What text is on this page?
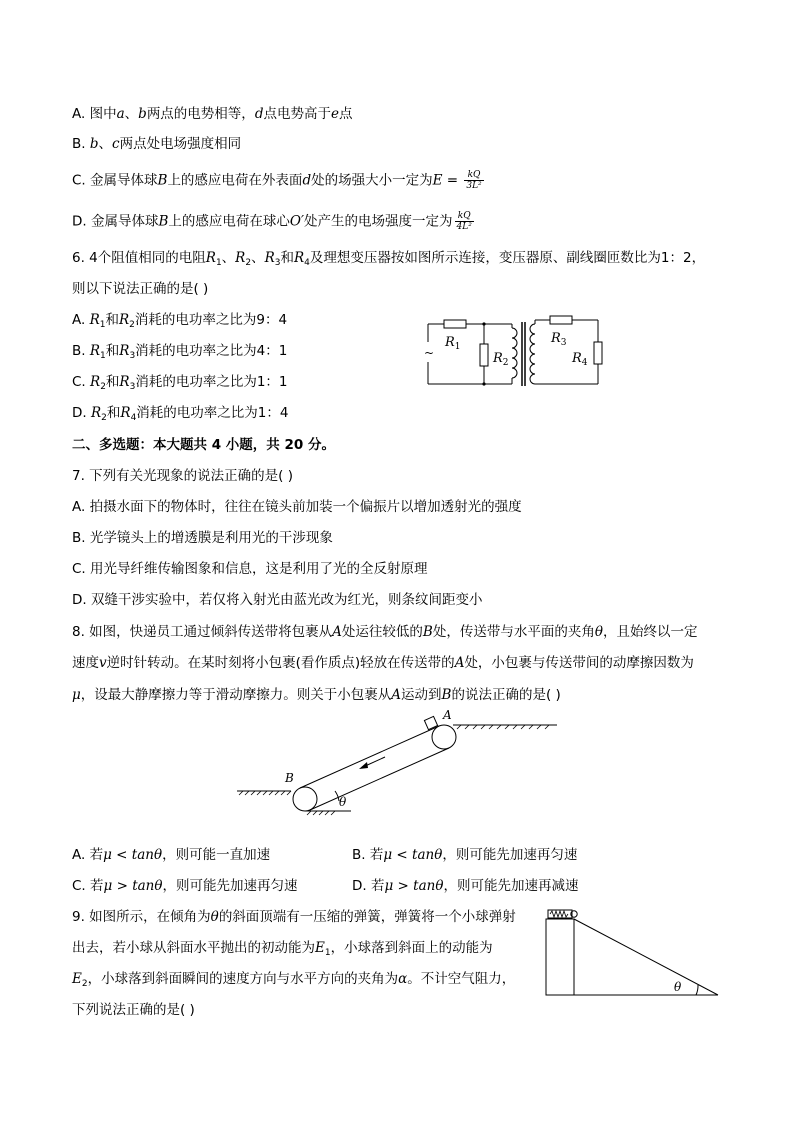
A. 图中a、b两点的电势相等，d点电势高于e点
B. b、c两点处电场强度相同
C. 金属导体球B上的感应电荷在外表面d处的场强大小一定为$E = \frac{kQ}{\text{3L²}}$
D. 金属导体球B上的感应电荷在球心O′处产生的电场强度一定为 $\frac{kQ}{\text{4L²}}$
6. 4个阻值相同的电阻$R_1$、$R_2$、$R_3$和$R_4$及理想变压器按如图所示连接，变压器原、副线圈匝数比为1：2，
则以下说法正确的是( )
A. $R_1$和$R_2$消耗的电功率之比为9：4
B. $R_1$和$R_3$消耗的电功率之比为4：1
C. $R_2$和$R_3$消耗的电功率之比为1：1
D. $R_2$和$R_4$消耗的电功率之比为1：4
~
$R_1$
$R_2$
$R_3$
$R_4$
二、多选题：本大题共 4 小题，共 20 分。
7. 下列有关光现象的说法正确的是( )
A. 拍摄水面下的物体时，往往在镜头前加装一个偏振片以增加透射光的强度
B. 光学镜头上的增透膜是利用光的干涉现象
C. 用光导纤维传输图象和信息，这是利用了光的全反射原理
D. 双缝干涉实验中，若仅将入射光由蓝光改为红光，则条纹间距变小
8. 如图，快递员工通过倾斜传送带将包裹从A处运往较低的B处，传送带与水平面的夹角θ，且始终以一定
速度v逆时针转动。在某时刻将小包裹(看作质点)轻放在传送带的A处，小包裹与传送带间的动摩擦因数为
μ，设最大静摩擦力等于滑动摩擦力。则关于小包裹从A运动到B的说法正确的是( )
A
B
θ
A. 若μ < tanθ，则可能一直加速	B. 若μ < tanθ，则可能先加速再匀速
C. 若μ > tanθ，则可能先加速再匀速	D. 若μ > tanθ，则可能先加速再减速
9. 如图所示，在倾角为θ的斜面顶端有一压缩的弹簧，弹簧将一个小球弹射
出去，若小球从斜面水平抛出的初动能为$E_1$，小球落到斜面上的动能为
$E_2$，小球落到斜面瞬间的速度方向与水平方向的夹角为α。不计空气阻力，
下列说法正确的是( )
θ
